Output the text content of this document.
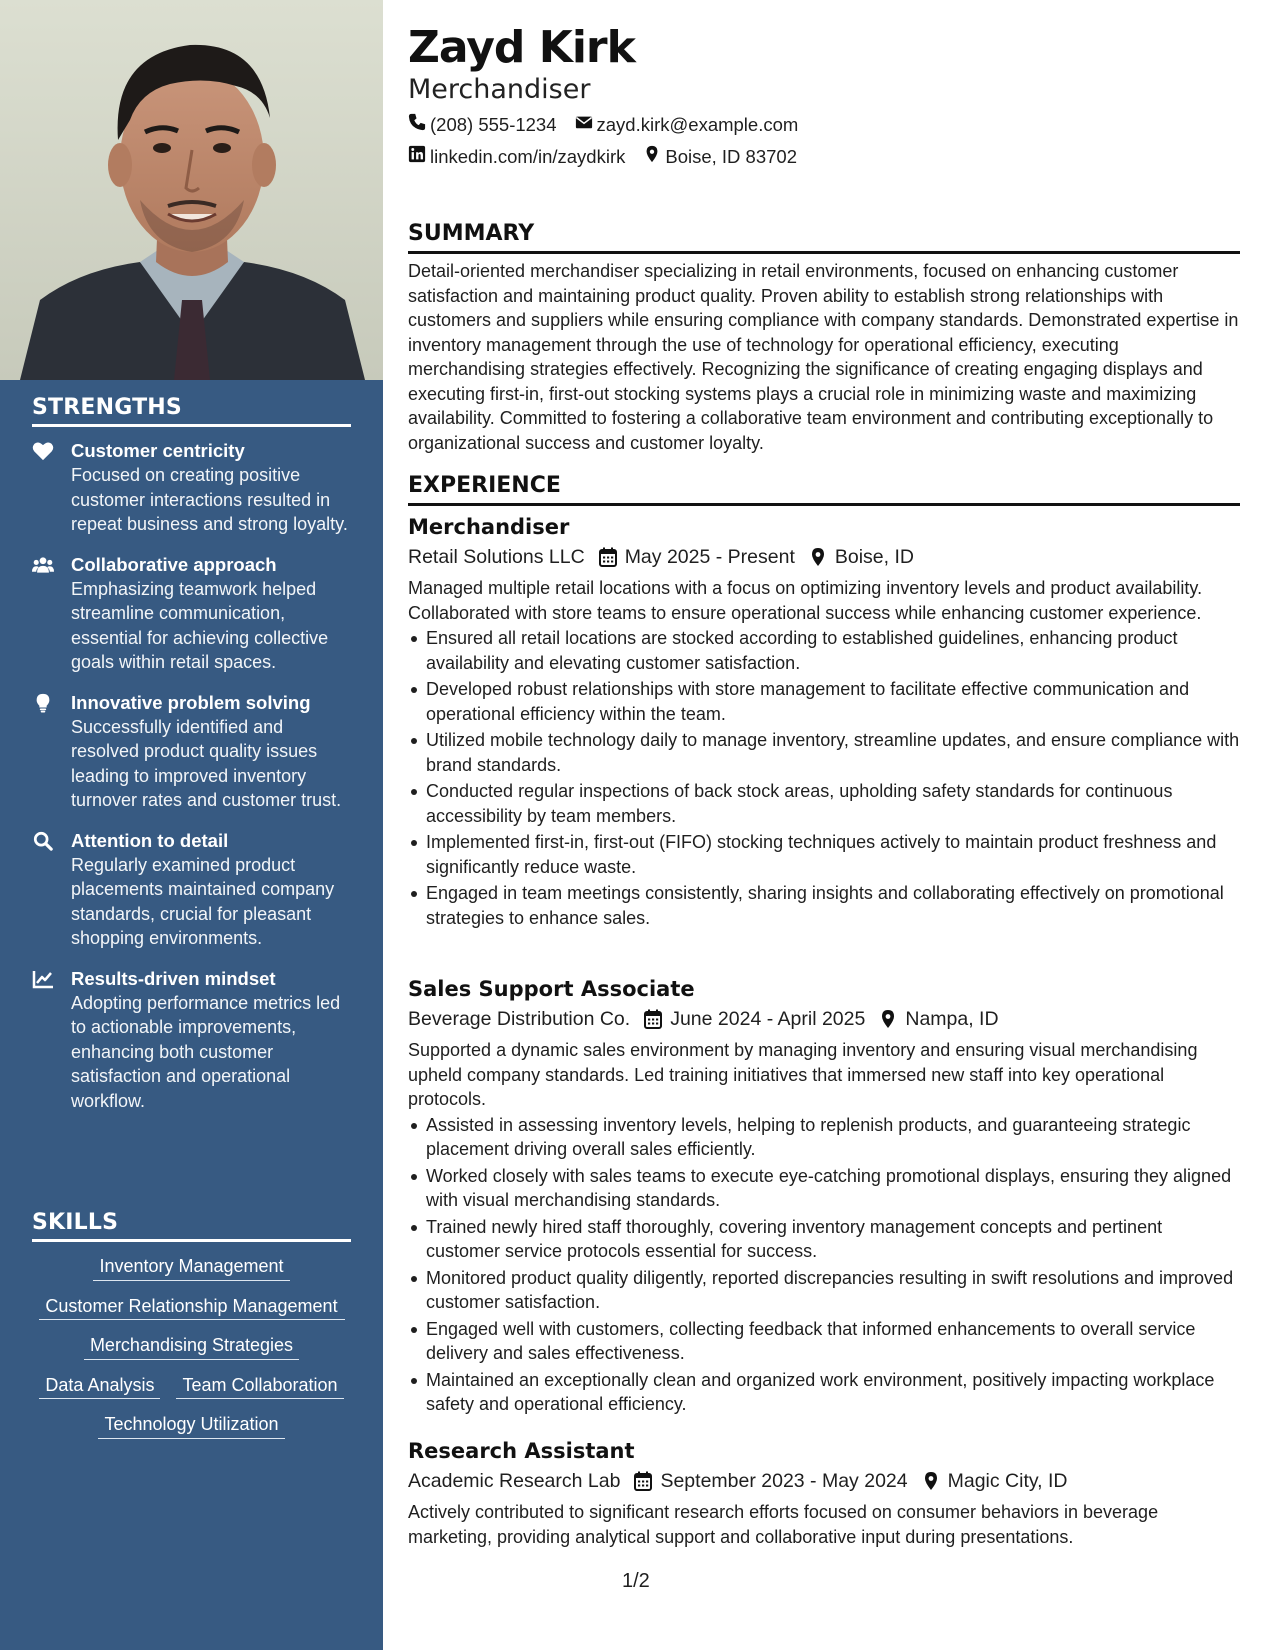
STRENGTHS
Customer centricity
Focused on creating positive customer interactions resulted in repeat business and strong loyalty.
Collaborative approach
Emphasizing teamwork helped streamline communication, essential for achieving collective goals within retail spaces.
Innovative problem solving
Successfully identified and resolved product quality issues leading to improved inventory turnover rates and customer trust.
Attention to detail
Regularly examined product placements maintained company standards, crucial for pleasant shopping environments.
Results-driven mindset
Adopting performance metrics led to actionable improvements, enhancing both customer satisfaction and operational workflow.
SKILLS
Inventory Management
Customer Relationship Management
Merchandising Strategies
Data Analysis	Team Collaboration
Technology Utilization
Zayd Kirk
Merchandiser
(208) 555-1234 zayd.kirk@example.com
linkedin.com/in/zaydkirk Boise, ID 83702
SUMMARY
Detail-oriented merchandiser specializing in retail environments, focused on enhancing customer satisfaction and maintaining product quality. Proven ability to establish strong relationships with customers and suppliers while ensuring compliance with company standards. Demonstrated expertise in inventory management through the use of technology for operational efficiency, executing merchandising strategies effectively. Recognizing the significance of creating engaging displays and executing first-in, first-out stocking systems plays a crucial role in minimizing waste and maximizing availability. Committed to fostering a collaborative team environment and contributing exceptionally to organizational success and customer loyalty.
EXPERIENCE
Merchandiser
Retail Solutions LLC May 2025 - Present Boise, ID
Managed multiple retail locations with a focus on optimizing inventory levels and product availability. Collaborated with store teams to ensure operational success while enhancing customer experience.
Ensured all retail locations are stocked according to established guidelines, enhancing product availability and elevating customer satisfaction.
Developed robust relationships with store management to facilitate effective communication and operational efficiency within the team.
Utilized mobile technology daily to manage inventory, streamline updates, and ensure compliance with brand standards.
Conducted regular inspections of back stock areas, upholding safety standards for continuous accessibility by team members.
Implemented first-in, first-out (FIFO) stocking techniques actively to maintain product freshness and significantly reduce waste.
Engaged in team meetings consistently, sharing insights and collaborating effectively on promotional strategies to enhance sales.
Sales Support Associate
Beverage Distribution Co. June 2024 - April 2025 Nampa, ID
Supported a dynamic sales environment by managing inventory and ensuring visual merchandising upheld company standards. Led training initiatives that immersed new staff into key operational protocols.
Assisted in assessing inventory levels, helping to replenish products, and guaranteeing strategic placement driving overall sales efficiently.
Worked closely with sales teams to execute eye-catching promotional displays, ensuring they aligned with visual merchandising standards.
Trained newly hired staff thoroughly, covering inventory management concepts and pertinent customer service protocols essential for success.
Monitored product quality diligently, reported discrepancies resulting in swift resolutions and improved customer satisfaction.
Engaged well with customers, collecting feedback that informed enhancements to overall service delivery and sales effectiveness.
Maintained an exceptionally clean and organized work environment, positively impacting workplace safety and operational efficiency.
Research Assistant
Academic Research Lab September 2023 - May 2024 Magic City, ID
Actively contributed to significant research efforts focused on consumer behaviors in beverage marketing, providing analytical support and collaborative input during presentations.
1/2
